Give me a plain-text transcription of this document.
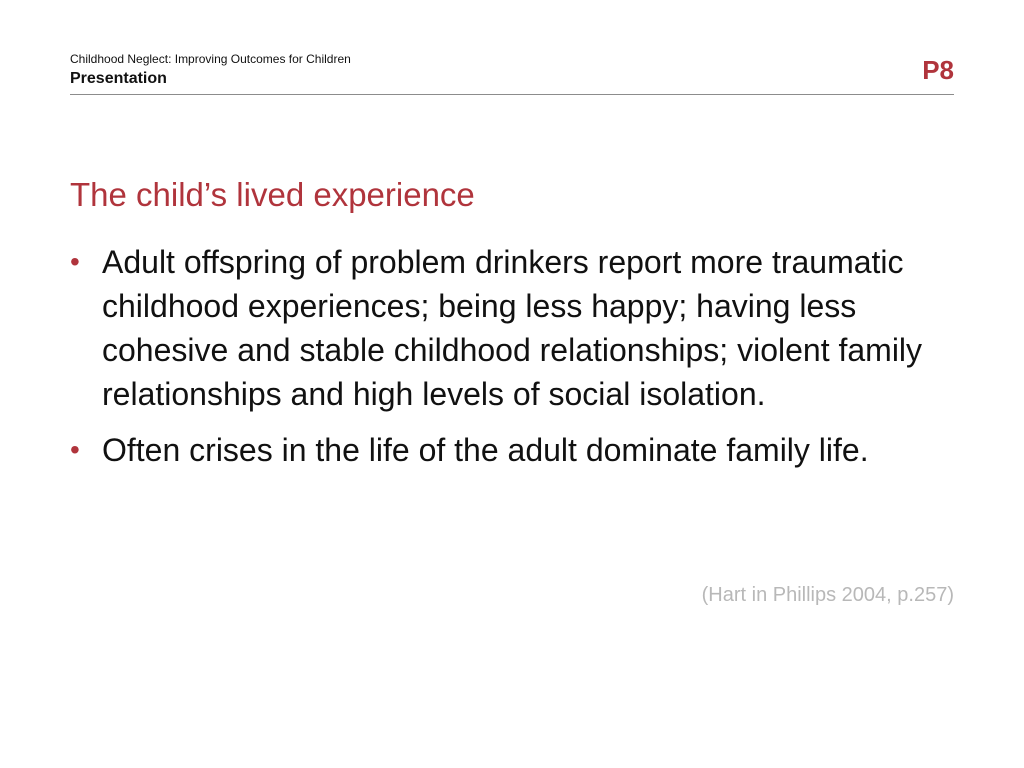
Childhood Neglect: Improving Outcomes for Children
Presentation	P8
The child’s lived experience
• Adult offspring of problem drinkers report more traumatic childhood experiences; being less happy; having less cohesive and stable childhood relationships; violent family relationships and high levels of social isolation.
• Often crises in the life of the adult dominate family life.
(Hart in Phillips 2004, p.257)
